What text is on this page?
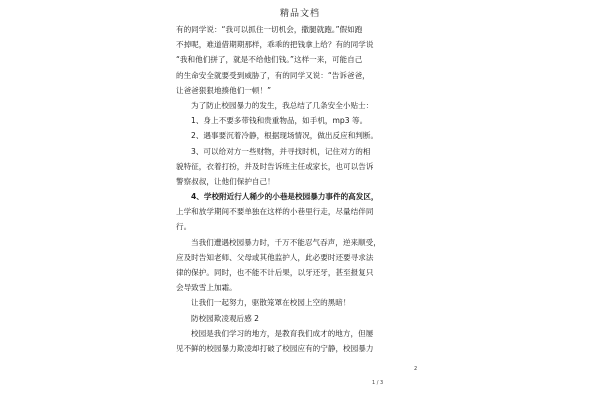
精品文档
有的同学说：“我可以抓住一切机会，撒腿就跑。”假如跑
不掉呢，难道借期期那样，乖乖的把钱拿上给？有的同学说
“我和他们拼了，就是不给他们钱。”这样一来，可能自己
的生命安全就要受到威胁了，有的同学又说：“告诉爸爸，
让爸爸狠狠地揍他们一顿！”
为了防止校园暴力的发生，我总结了几条安全小贴士：
1、身上不要多带钱和贵重物品，如手机，mp3 等。
2、遇事要沉着冷静，根据现场情况，做出反应和判断。
3、可以给对方一些财物，并寻找时机，记住对方的相
貌特征，衣着打扮，并及时告诉班主任或家长，也可以告诉
警察叔叔，让他们保护自己！
4、学校附近行人稀少的小巷是校园暴力事件的高发区，
上学和放学期间不要单独在这样的小巷里行走，尽量结伴同
行。
当我们遭遇校园暴力时，千万不能忍气吞声，逆来顺受，
应及时告知老师、父母或其他监护人，此必要时还要寻求法
律的保护。同时，也不能不计后果，以牙还牙，甚至报复只
会导致雪上加霜。
让我们一起努力，驱散笼罩在校园上空的黑暗！
防校园欺凌观后感 2
校园是我们学习的地方，是教育我们成才的地方，但屡
见不鲜的校园暴力欺凌却打破了校园应有的宁静，校园暴力
2
1 / 3
